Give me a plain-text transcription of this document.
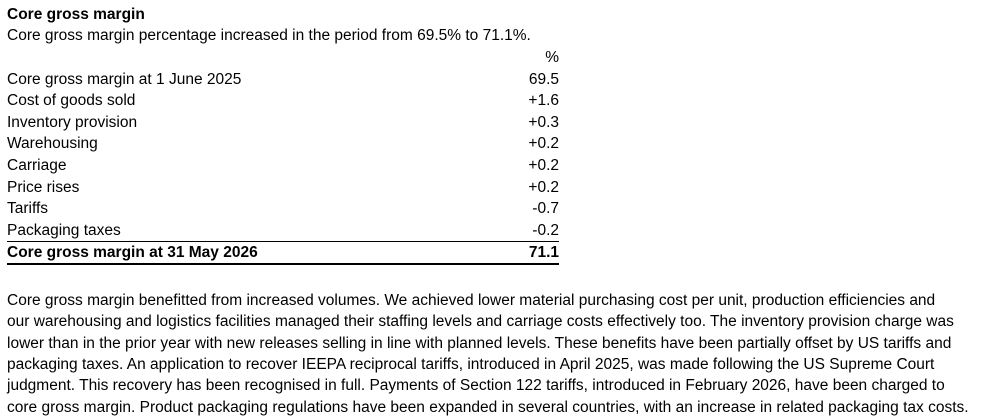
Core gross margin
Core gross margin percentage increased in the period from 69.5% to 71.1%.
%
Core gross margin at 1 June 2025	69.5
Cost of goods sold	+1.6
Inventory provision	+0.3
Warehousing	+0.2
Carriage	+0.2
Price rises	+0.2
Tariffs	-0.7
Packaging taxes	-0.2
Core gross margin at 31 May 2026	71.1
Core gross margin benefitted from increased volumes. We achieved lower material purchasing cost per unit, production efficiencies and
our warehousing and logistics facilities managed their staffing levels and carriage costs effectively too. The inventory provision charge was
lower than in the prior year with new releases selling in line with planned levels. These benefits have been partially offset by US tariffs and
packaging taxes. An application to recover IEEPA reciprocal tariffs, introduced in April 2025, was made following the US Supreme Court
judgment. This recovery has been recognised in full. Payments of Section 122 tariffs, introduced in February 2026, have been charged to
core gross margin. Product packaging regulations have been expanded in several countries, with an increase in related packaging tax costs.
